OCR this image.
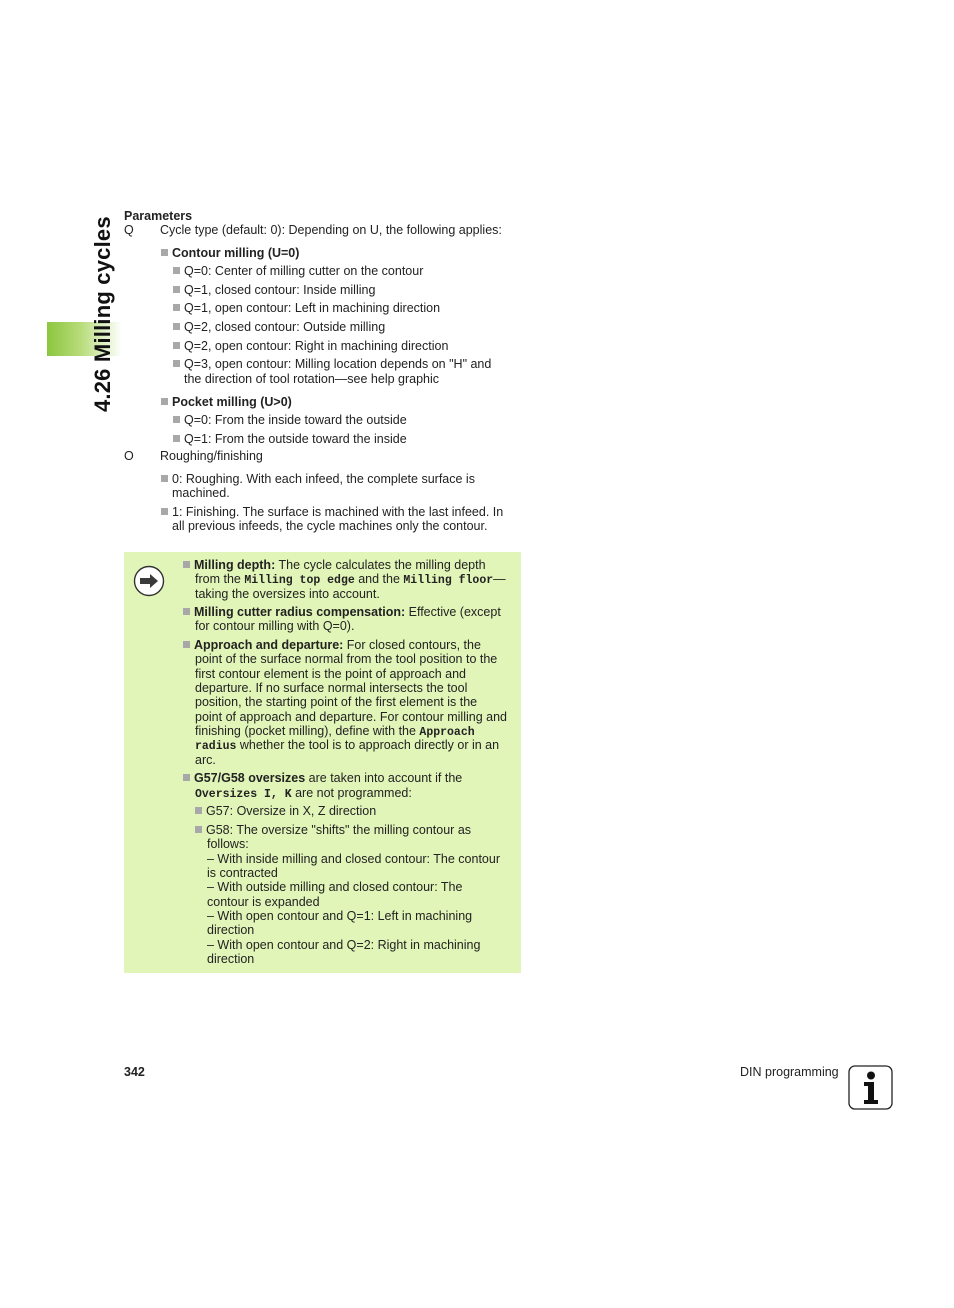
4.26 Milling cycles
Parameters
Q Cycle type (default: 0): Depending on U, the following applies:
Contour milling (U=0)
Q=0: Center of milling cutter on the contour
Q=1, closed contour: Inside milling
Q=1, open contour: Left in machining direction
Q=2, closed contour: Outside milling
Q=2, open contour: Right in machining direction
Q=3, open contour: Milling location depends on "H" and
the direction of tool rotation—see help graphic
Pocket milling (U>0)
Q=0: From the inside toward the outside
Q=1: From the outside toward the inside
O Roughing/finishing
0: Roughing. With each infeed, the complete surface is
machined.
1: Finishing. The surface is machined with the last infeed. In
all previous infeeds, the cycle machines only the contour.
Milling depth: The cycle calculates the milling depth
from the Milling top edge and the Milling floor—
taking the oversizes into account.
Milling cutter radius compensation: Effective (except
for contour milling with Q=0).
Approach and departure: For closed contours, the
point of the surface normal from the tool position to the
first contour element is the point of approach and
departure. If no surface normal intersects the tool
position, the starting point of the first element is the
point of approach and departure. For contour milling and
finishing (pocket milling), define with the Approach
radius whether the tool is to approach directly or in an
arc.
G57/G58 oversizes are taken into account if the
Oversizes I, K are not programmed:
G57: Oversize in X, Z direction
G58: The oversize "shifts" the milling contour as
follows:
– With inside milling and closed contour: The contour
is contracted
– With outside milling and closed contour: The
contour is expanded
– With open contour and Q=1: Left in machining
direction
– With open contour and Q=2: Right in machining
direction
342	DIN programming
